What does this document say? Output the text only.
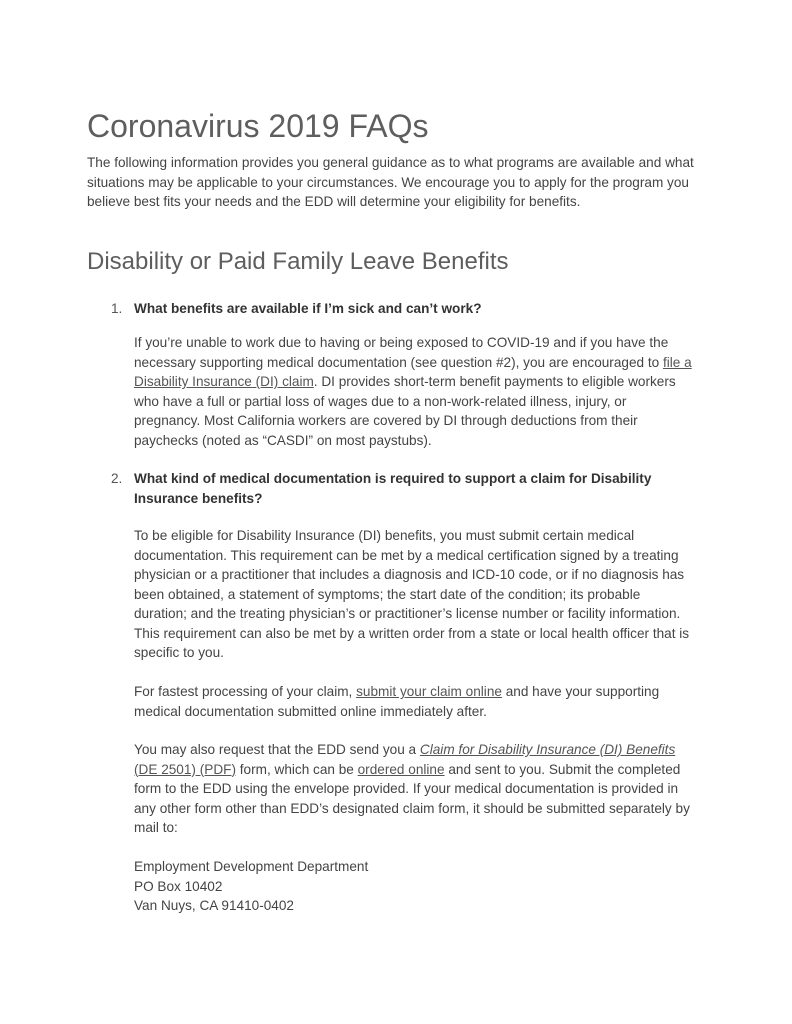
Coronavirus 2019 FAQs
The following information provides you general guidance as to what programs are available and what situations may be applicable to your circumstances. We encourage you to apply for the program you believe best fits your needs and the EDD will determine your eligibility for benefits.
Disability or Paid Family Leave Benefits
1. What benefits are available if I’m sick and can’t work?
If you’re unable to work due to having or being exposed to COVID-19 and if you have the necessary supporting medical documentation (see question #2), you are encouraged to file a Disability Insurance (DI) claim. DI provides short-term benefit payments to eligible workers who have a full or partial loss of wages due to a non-work-related illness, injury, or pregnancy. Most California workers are covered by DI through deductions from their paychecks (noted as “CASDI” on most paystubs).
2. What kind of medical documentation is required to support a claim for Disability
Insurance benefits?
To be eligible for Disability Insurance (DI) benefits, you must submit certain medical documentation. This requirement can be met by a medical certification signed by a treating physician or a practitioner that includes a diagnosis and ICD-10 code, or if no diagnosis has been obtained, a statement of symptoms; the start date of the condition; its probable duration; and the treating physician’s or practitioner’s license number or facility information. This requirement can also be met by a written order from a state or local health officer that is specific to you.
For fastest processing of your claim, submit your claim online and have your supporting medical documentation submitted online immediately after.
You may also request that the EDD send you a Claim for Disability Insurance (DI) Benefits (DE 2501) (PDF) form, which can be ordered online and sent to you. Submit the completed form to the EDD using the envelope provided. If your medical documentation is provided in any other form other than EDD’s designated claim form, it should be submitted separately by mail to:
Employment Development Department
PO Box 10402
Van Nuys, CA 91410-0402
